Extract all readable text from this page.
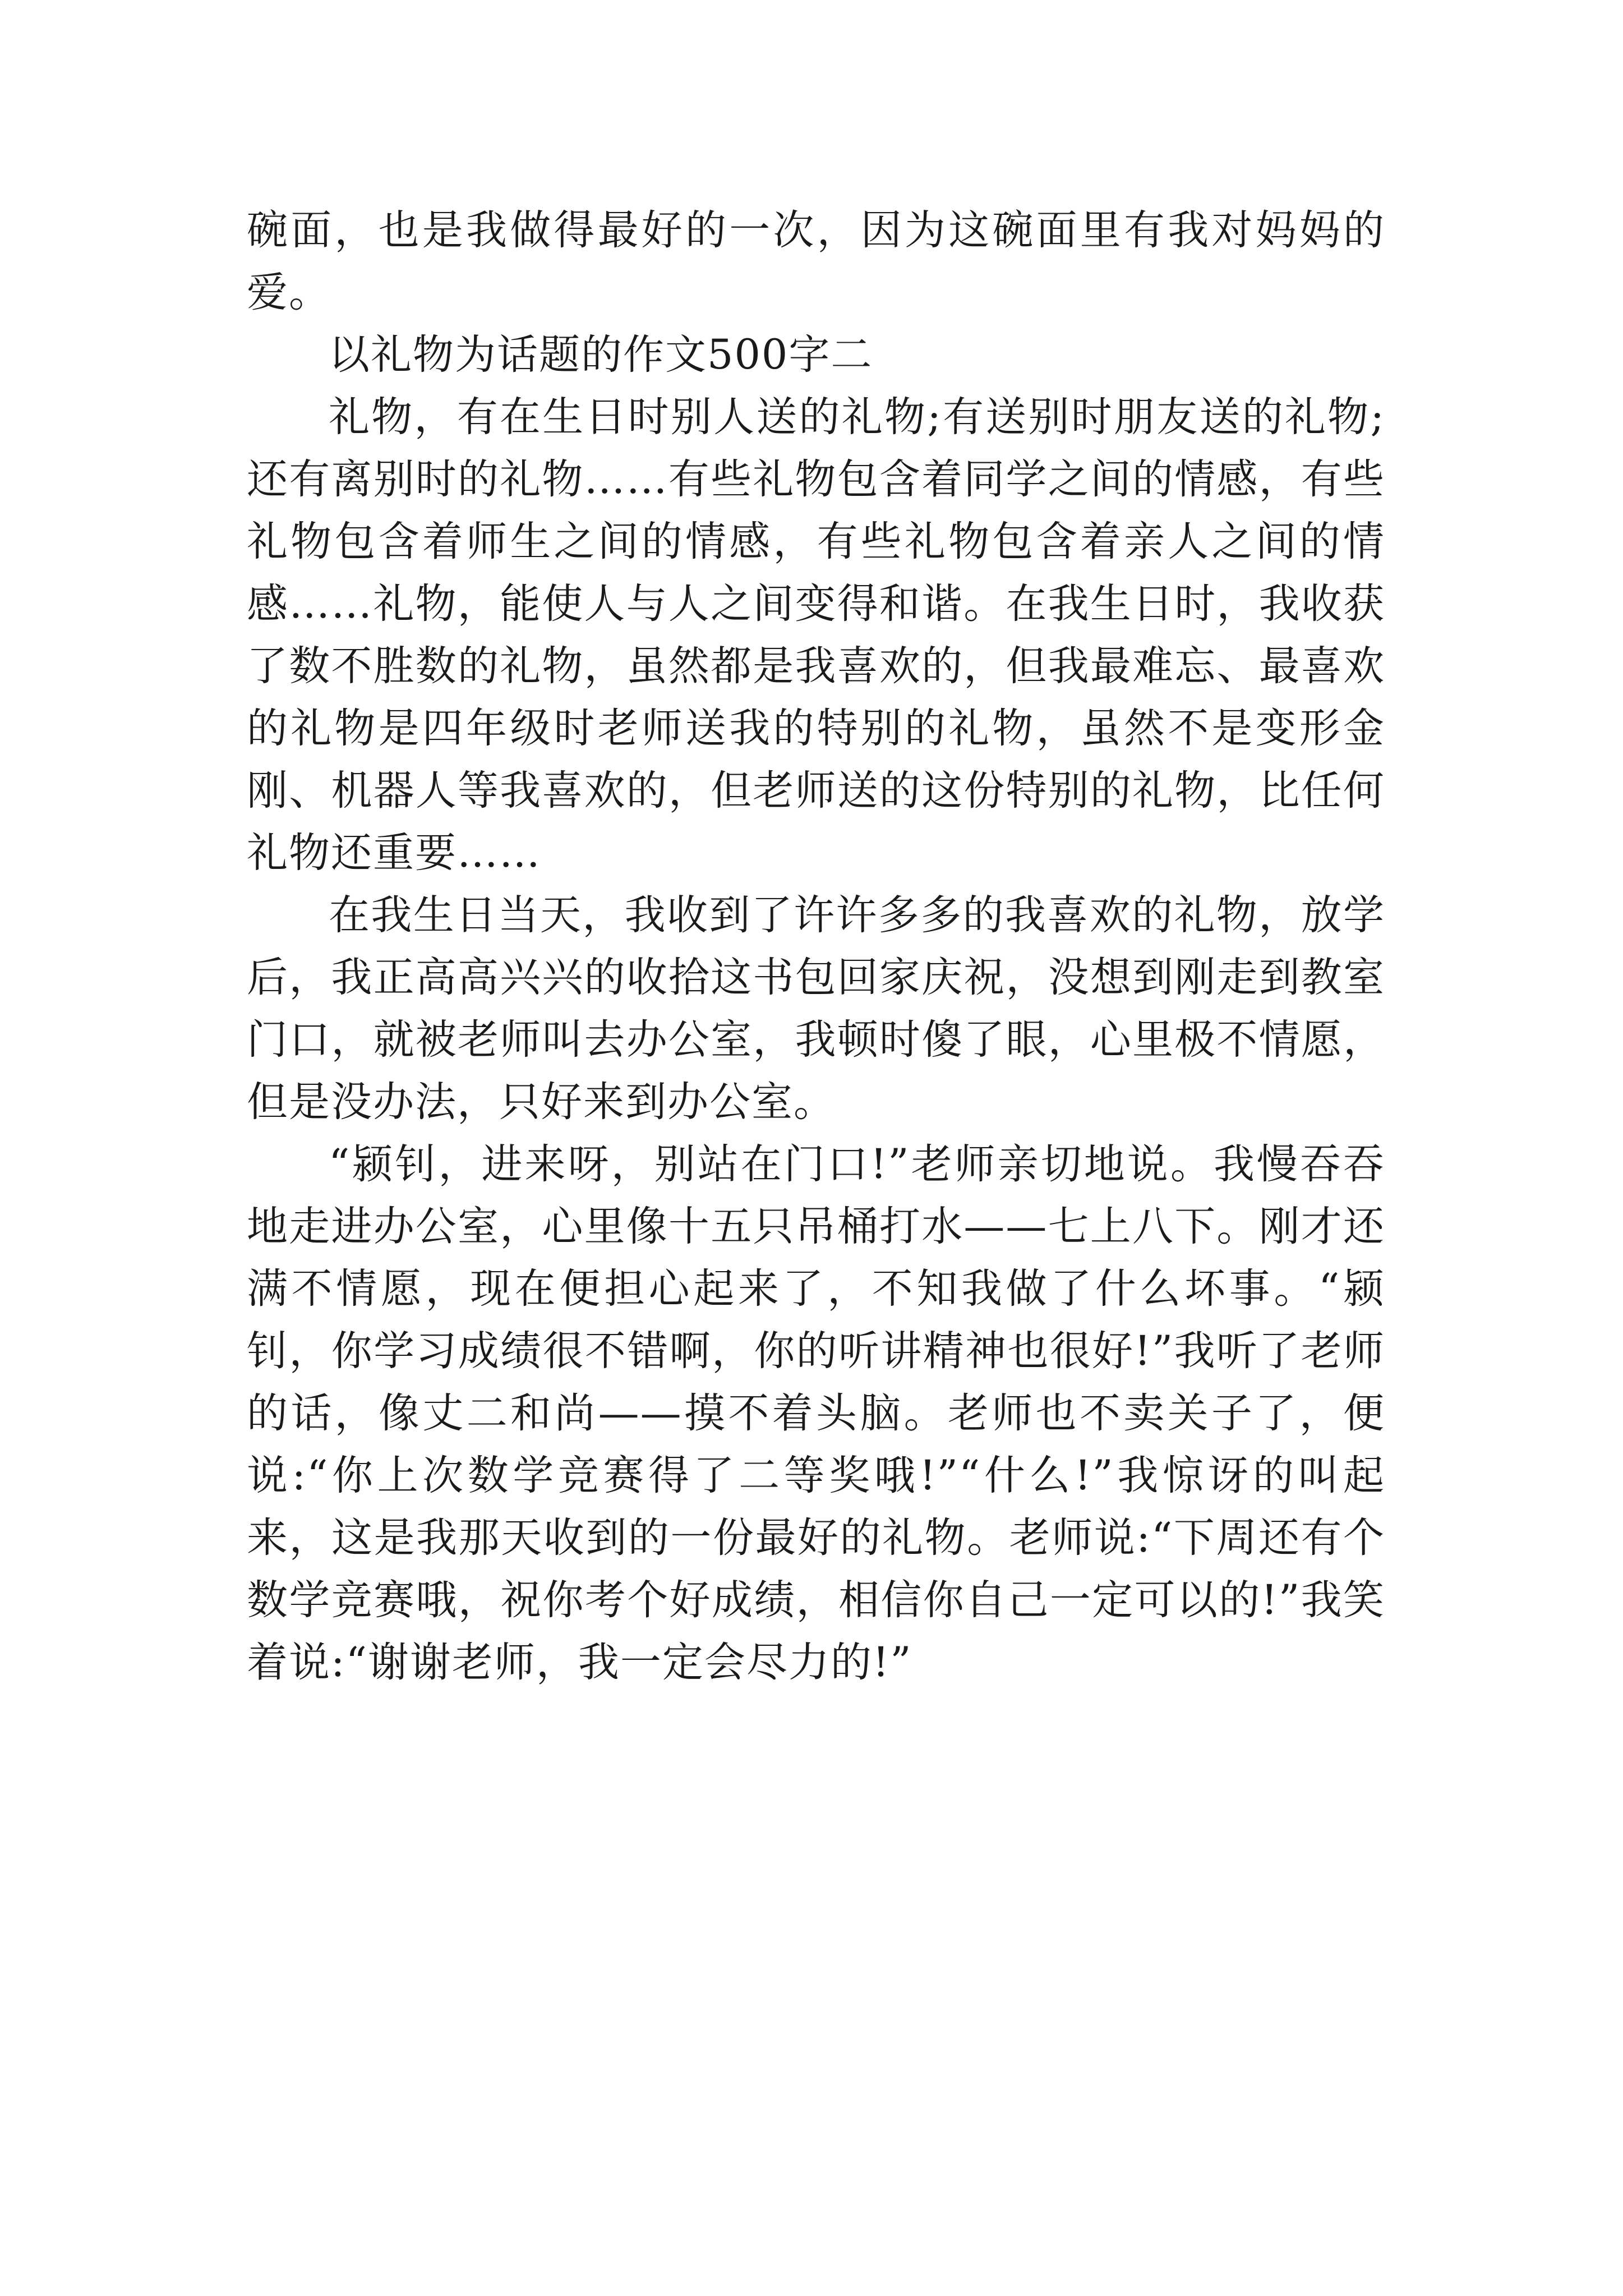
碗面，也是我做得最好的一次，因为这碗面里有我对妈妈的爱。

以礼物为话题的作文500字二

礼物，有在生日时别人送的礼物;有送别时朋友送的礼物;还有离别时的礼物……有些礼物包含着同学之间的情感，有些礼物包含着师生之间的情感，有些礼物包含着亲人之间的情感……礼物，能使人与人之间变得和谐。在我生日时，我收获了数不胜数的礼物，虽然都是我喜欢的，但我最难忘、最喜欢的礼物是四年级时老师送我的特别的礼物，虽然不是变形金刚、机器人等我喜欢的，但老师送的这份特别的礼物，比任何礼物还重要……

在我生日当天，我收到了许许多多的我喜欢的礼物，放学后，我正高高兴兴的收拾这书包回家庆祝，没想到刚走到教室门口，就被老师叫去办公室，我顿时傻了眼，心里极不情愿，但是没办法，只好来到办公室。

“颍钊，进来呀，别站在门口!”老师亲切地说。我慢吞吞地走进办公室，心里像十五只吊桶打水——七上八下。刚才还满不情愿，现在便担心起来了，不知我做了什么坏事。“颍钊，你学习成绩很不错啊，你的听讲精神也很好!”我听了老师的话，像丈二和尚——摸不着头脑。老师也不卖关子了，便说:“你上次数学竞赛得了二等奖哦!”“什么!”我惊讶的叫起来，这是我那天收到的一份最好的礼物。老师说:“下周还有个数学竞赛哦，祝你考个好成绩，相信你自己一定可以的!”我笑着说:“谢谢老师，我一定会尽力的!”
